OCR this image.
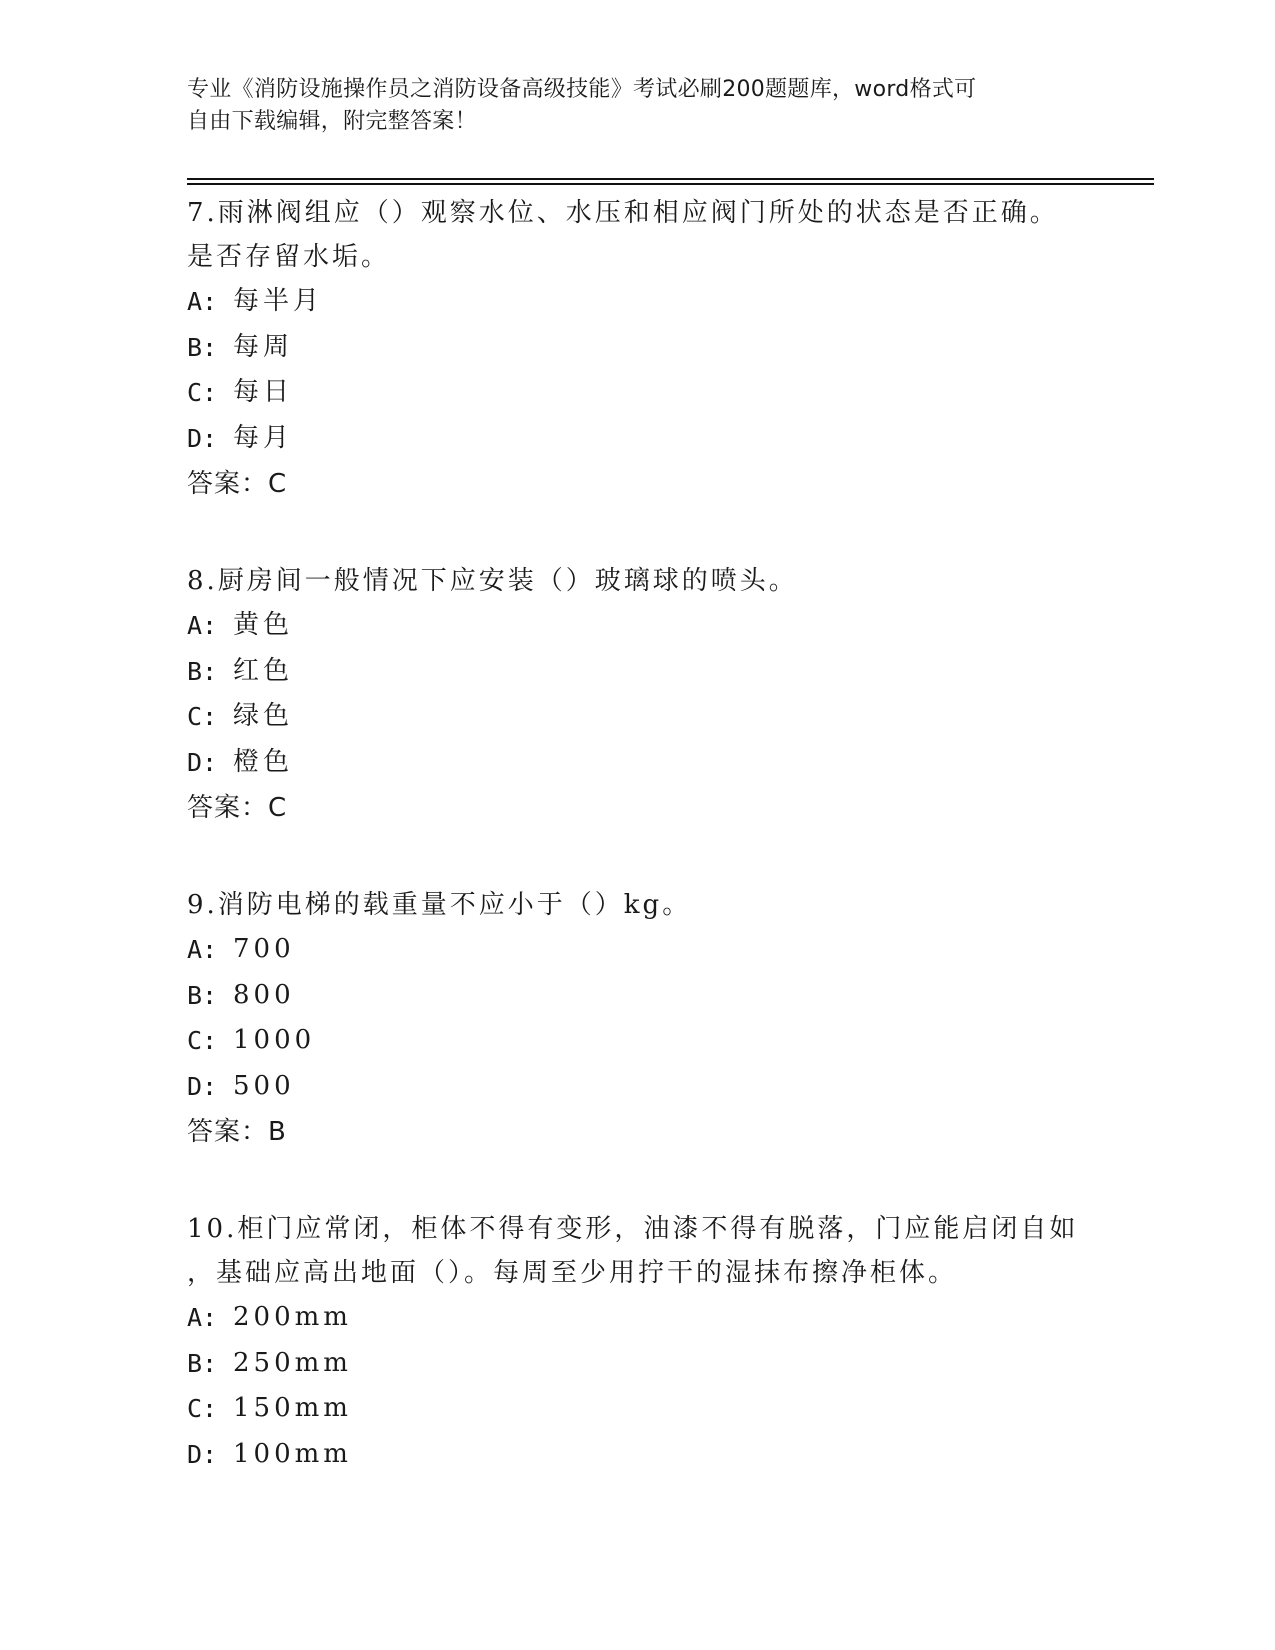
专业《消防设施操作员之消防设备高级技能》考试必刷200题题库，word格式可
自由下载编辑，附完整答案！
7.雨淋阀组应（）观察水位、水压和相应阀门所处的状态是否正确。
是否存留水垢。
A: 每半月
B: 每周
C: 每日
D: 每月
答案：C
8.厨房间一般情况下应安装（）玻璃球的喷头。
A: 黄色
B: 红色
C: 绿色
D: 橙色
答案：C
9.消防电梯的载重量不应小于（）kg。
A: 700
B: 800
C: 1000
D: 500
答案：B
10.柜门应常闭，柜体不得有变形，油漆不得有脱落，门应能启闭自如
，基础应高出地面（）。每周至少用拧干的湿抹布擦净柜体。
A: 200mm
B: 250mm
C: 150mm
D: 100mm
